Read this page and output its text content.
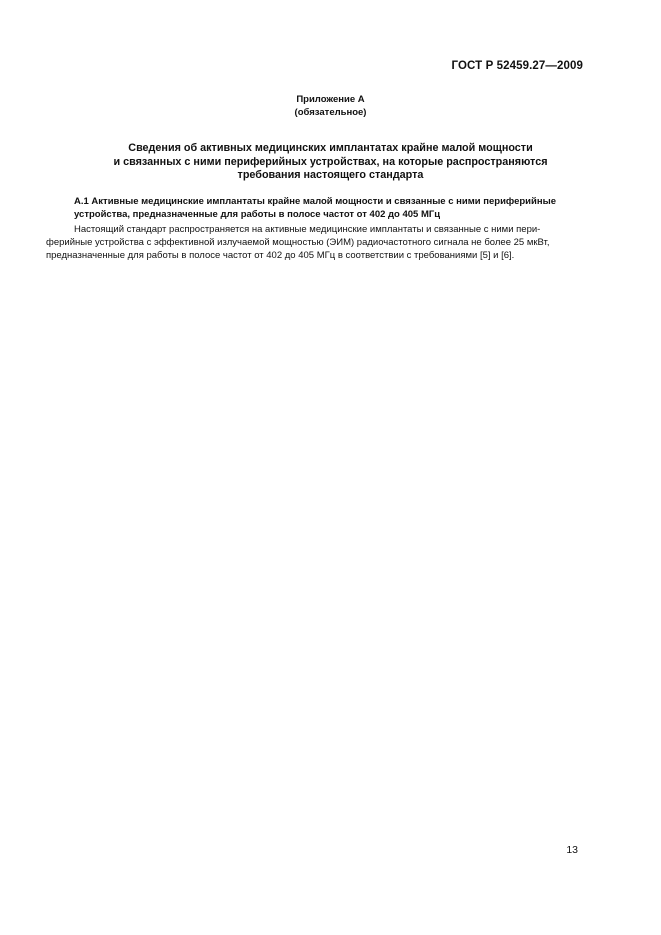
ГОСТ Р 52459.27—2009
Приложение А
(обязательное)
Сведения об активных медицинских имплантатах крайне малой мощности
и связанных с ними периферийных устройствах, на которые распространяются
требования настоящего стандарта

А.1 Активные медицинские имплантаты крайне малой мощности и связанные с ними периферийные
устройства, предназначенные для работы в полосе частот от 402 до 405 МГц

Настоящий стандарт распространяется на активные медицинские имплантаты и связанные с ними пери-
ферийные устройства с эффективной излучаемой мощностью (ЭИМ) радиочастотного сигнала не более 25 мкВт,
предназначенные для работы в полосе частот от 402 до 405 МГц в соответствии с требованиями [5] и [6].

13
